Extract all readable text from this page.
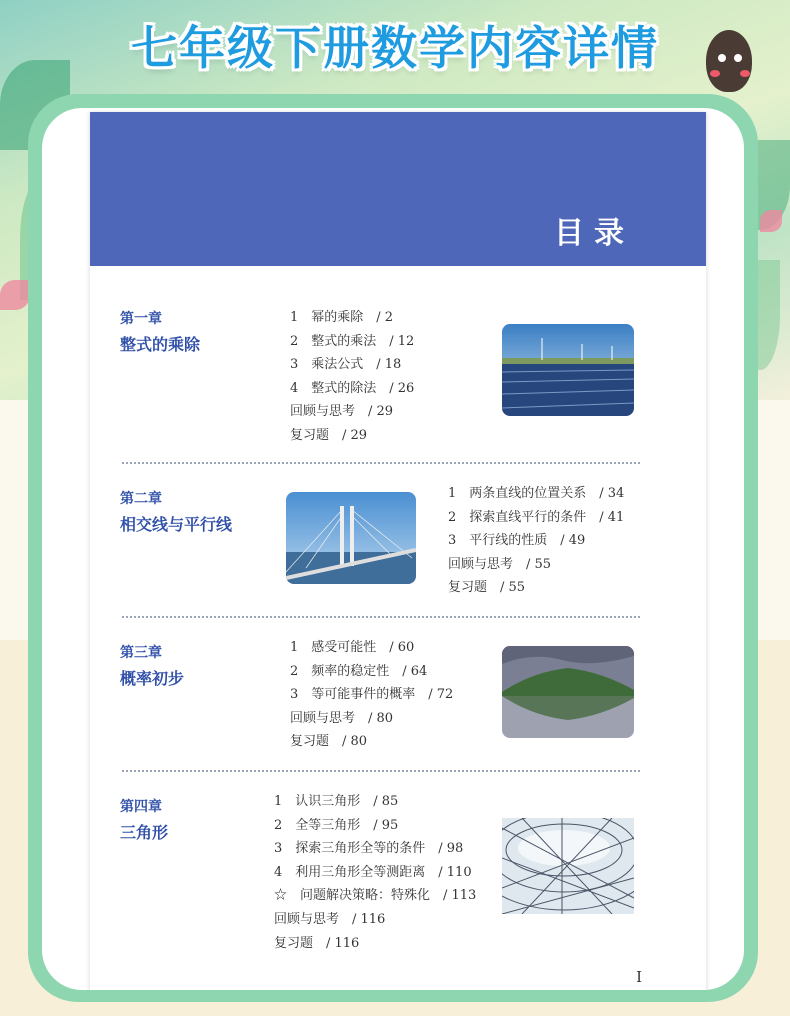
七年级下册数学内容详情
目录
第一章
整式的乘除
1　幂的乘除　/ 2
2　整式的乘法　/ 12
3　乘法公式　/ 18
4　整式的除法　/ 26
回顾与思考　/ 29
复习题　/ 29
第二章
相交线与平行线
1　两条直线的位置关系　/ 34
2　探索直线平行的条件　/ 41
3　平行线的性质　/ 49
回顾与思考　/ 55
复习题　/ 55
第三章
概率初步
1　感受可能性　/ 60
2　频率的稳定性　/ 64
3　等可能事件的概率　/ 72
回顾与思考　/ 80
复习题　/ 80
第四章
三角形
1　认识三角形　/ 85
2　全等三角形　/ 95
3　探索三角形全等的条件　/ 98
4　利用三角形全等测距离　/ 110
☆　问题解决策略：特殊化　/ 113
回顾与思考　/ 116
复习题　/ 116
I
